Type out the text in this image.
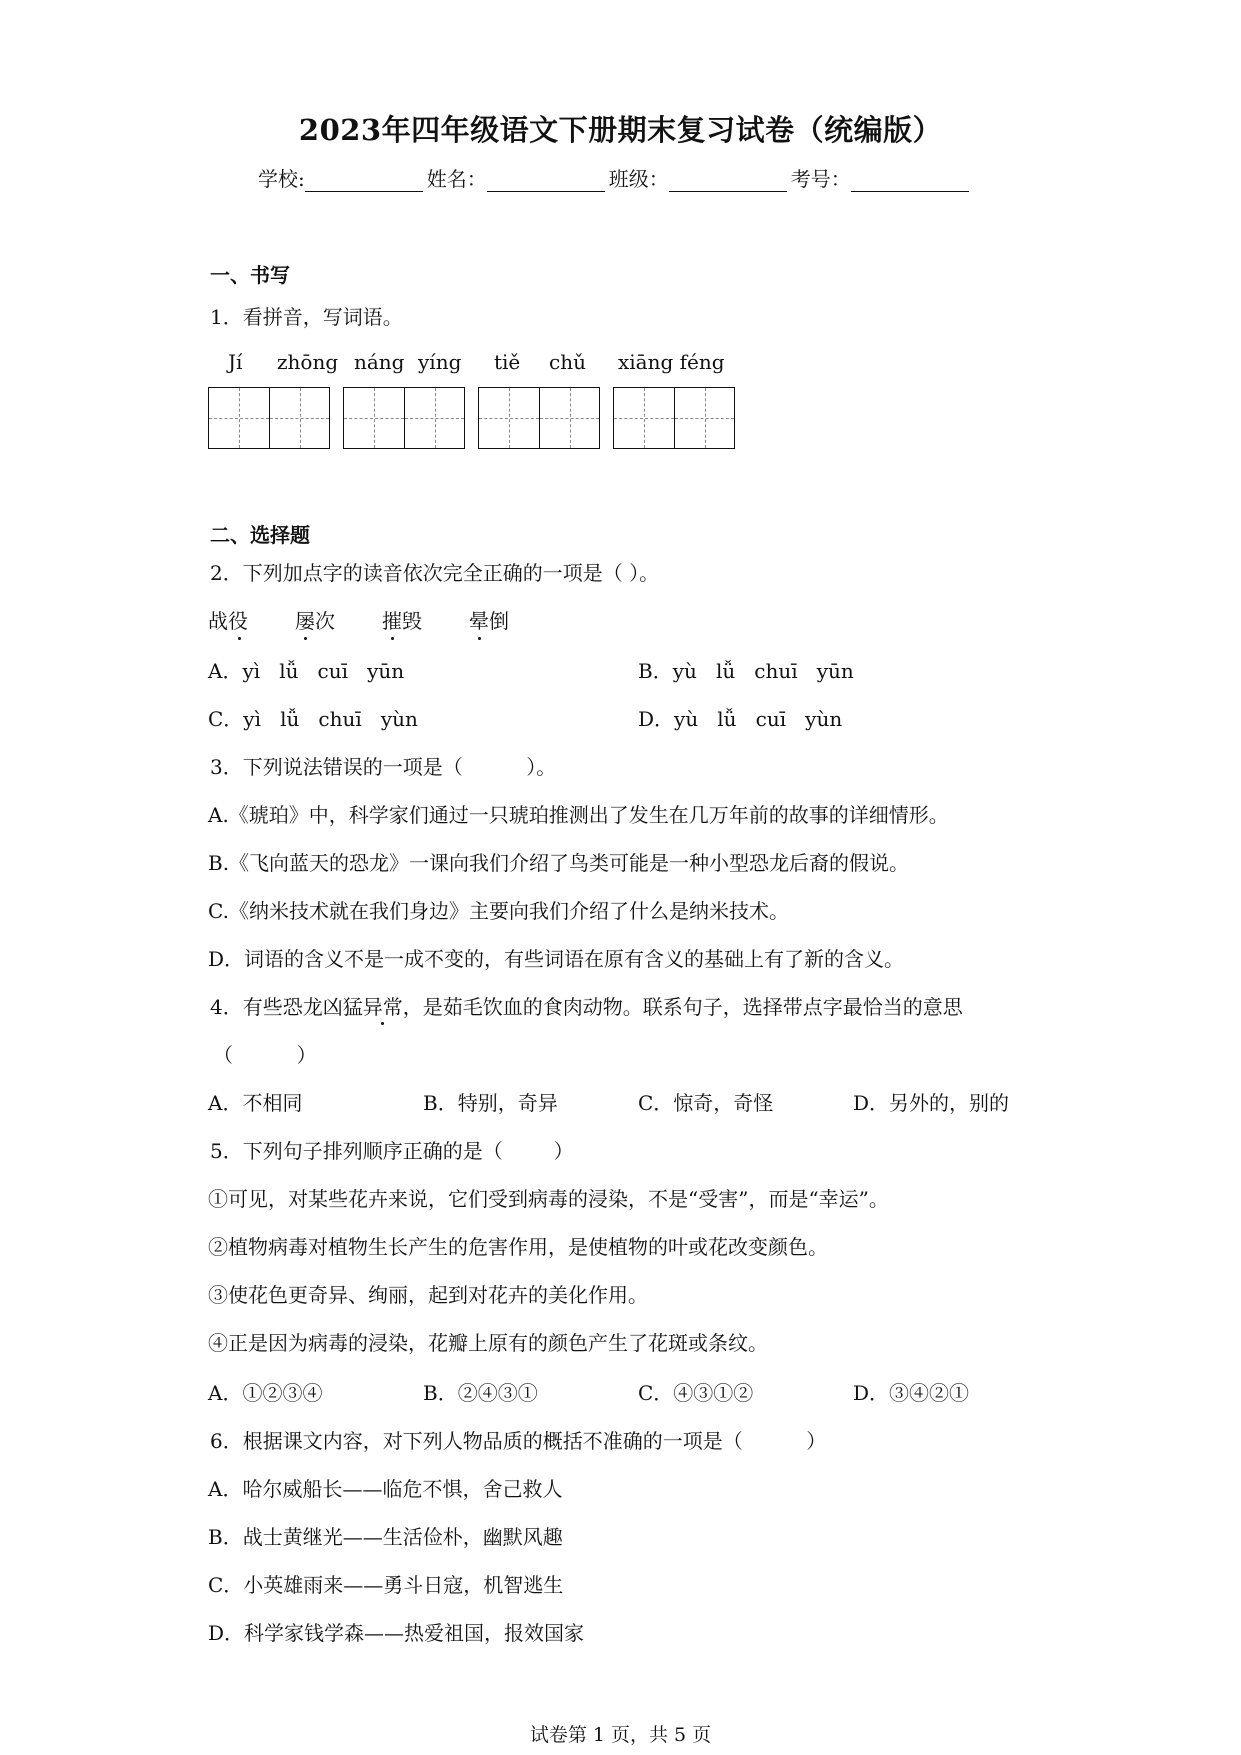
2023年四年级语文下册期末复习试卷（统编版）
学校:	姓名：	班级：	考号：
一、书写
1．看拼音，写词语。
Jí zhōng náng yíng tiě chǔ xiāng féng
二、选择题
2．下列加点字的读音依次完全正确的一项是（ ）。
战役 屡次 摧毁 晕倒
A．yì   lǚ   cuī   yūn	B．yù   lǚ   chuī   yūn
C．yì   lǚ   chuī   yùn	D．yù   lǚ   cuī   yùn
3．下列说法错误的一项是（          ）。
A.《琥珀》中，科学家们通过一只琥珀推测出了发生在几万年前的故事的详细情形。
B.《飞向蓝天的恐龙》一课向我们介绍了鸟类可能是一种小型恐龙后裔的假说。
C.《纳米技术就在我们身边》主要向我们介绍了什么是纳米技术。
D．词语的含义不是一成不变的，有些词语在原有含义的基础上有了新的含义。
4．有些恐龙凶猛异常，是茹毛饮血的食肉动物。联系句子，选择带点字最恰当的意思
（          ）
A．不相同	B．特别，奇异	C．惊奇，奇怪	D．另外的，别的
5．下列句子排列顺序正确的是（        ）
①可见，对某些花卉来说，它们受到病毒的浸染，不是“受害”，而是“幸运”。
②植物病毒对植物生长产生的危害作用，是使植物的叶或花改变颜色。
③使花色更奇异、绚丽，起到对花卉的美化作用。
④正是因为病毒的浸染，花瓣上原有的颜色产生了花斑或条纹。
A．①②③④	B．②④③①	C．④③①②	D．③④②①
6．根据课文内容，对下列人物品质的概括不准确的一项是（          ）
A．哈尔威船长——临危不惧，舍己救人
B．战士黄继光——生活俭朴，幽默风趣
C．小英雄雨来——勇斗日寇，机智逃生
D．科学家钱学森——热爱祖国，报效国家
试卷第 1 页，共 5 页
